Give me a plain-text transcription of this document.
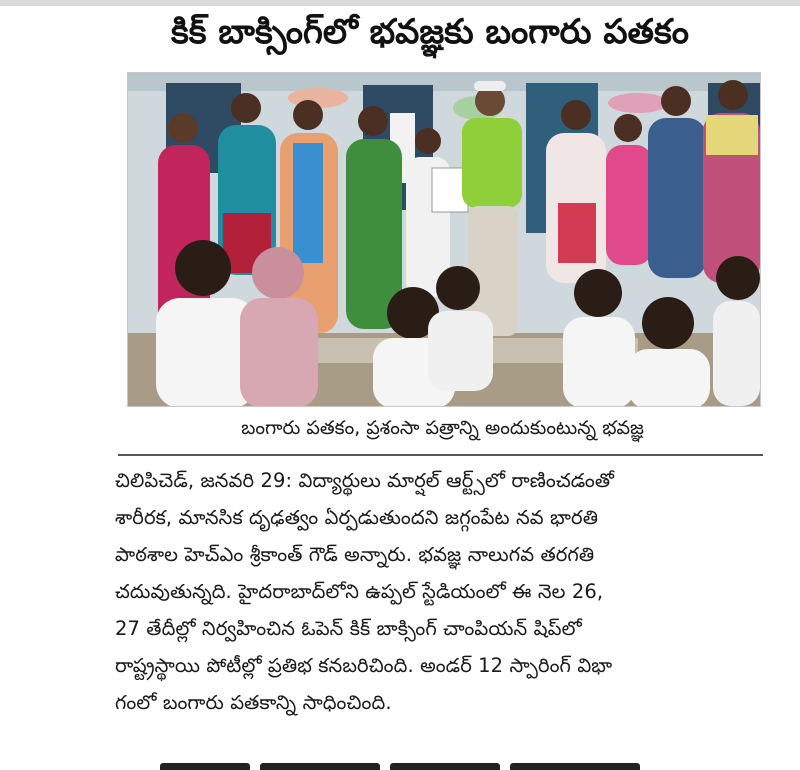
కిక్ బాక్సింగ్‌లో భవజ్ఞకు బంగారు పతకం
బంగారు పతకం, ప్రశంసా పత్రాన్ని అందుకుంటున్న భవజ్ఞ
చిలిపిచెడ్, జనవరి 29: విద్యార్థులు మార్షల్ ఆర్ట్స్‌లో రాణించడంతో
శారీరక, మానసిక దృఢత్వం ఏర్పడుతుందని జగ్గంపేట నవ భారతి
పాఠశాల హెచ్ఎం శ్రీకాంత్ గౌడ్ అన్నారు. భవజ్ఞ నాలుగవ తరగతి
చదువుతున్నది. హైదరాబాద్‌లోని ఉప్పల్ స్టేడియంలో ఈ నెల 26,
27 తేదీల్లో నిర్వహించిన ఓపెన్ కిక్ బాక్సింగ్ చాంపియన్ షిప్‌లో
రాష్ట్రస్థాయి పోటీల్లో ప్రతిభ కనబరిచింది. అండర్ 12 స్పారింగ్ విభా
గంలో బంగారు పతకాన్ని సాధించింది.
